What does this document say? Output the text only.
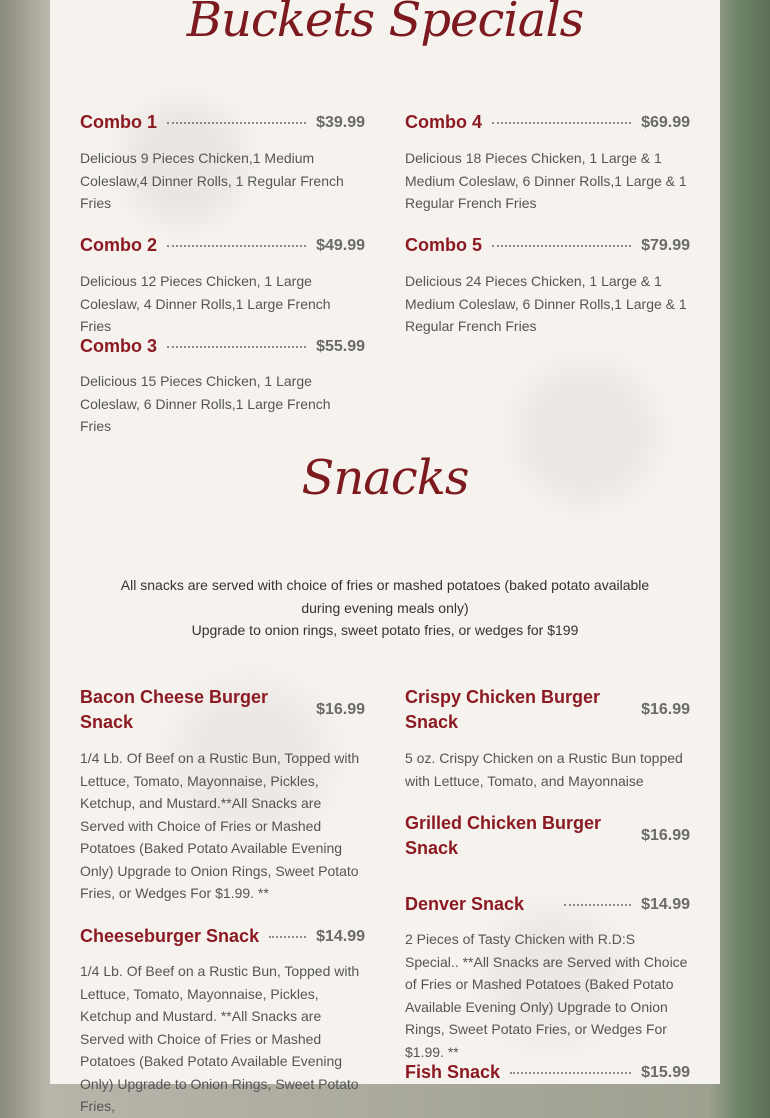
Buckets Specials
Combo 1	$39.99
Delicious 9 Pieces Chicken,1 Medium Coleslaw,4 Dinner Rolls, 1 Regular French Fries
Combo 2	$49.99
Delicious 12 Pieces Chicken, 1 Large Coleslaw, 4 Dinner Rolls,1 Large French Fries
Combo 3	$55.99
Delicious 15 Pieces Chicken, 1 Large Coleslaw, 6 Dinner Rolls,1 Large French Fries
Combo 4	$69.99
Delicious 18 Pieces Chicken, 1 Large & 1 Medium Coleslaw, 6 Dinner Rolls,1 Large & 1 Regular French Fries
Combo 5	$79.99
Delicious 24 Pieces Chicken, 1 Large & 1 Medium Coleslaw, 6 Dinner Rolls,1 Large & 1 Regular French Fries
Snacks
All snacks are served with choice of fries or mashed potatoes (baked potato available during evening meals only)
Upgrade to onion rings, sweet potato fries, or wedges for $199
Bacon Cheese Burger Snack
$16.99
1/4 Lb. Of Beef on a Rustic Bun, Topped with Lettuce, Tomato, Mayonnaise, Pickles, Ketchup, and Mustard.**All Snacks are Served with Choice of Fries or Mashed Potatoes (Baked Potato Available Evening Only) Upgrade to Onion Rings, Sweet Potato Fries, or Wedges For $1.99. **
Cheeseburger Snack	$14.99
1/4 Lb. Of Beef on a Rustic Bun, Topped with Lettuce, Tomato, Mayonnaise, Pickles, Ketchup and Mustard. **All Snacks are Served with Choice of Fries or Mashed Potatoes (Baked Potato Available Evening Only) Upgrade to Onion Rings, Sweet Potato Fries,
Crispy Chicken Burger Snack
$16.99
5 oz. Crispy Chicken on a Rustic Bun topped with Lettuce, Tomato, and Mayonnaise
Grilled Chicken Burger Snack
$16.99
Denver Snack	$14.99
2 Pieces of Tasty Chicken with R.D:S Special.. **All Snacks are Served with Choice of Fries or Mashed Potatoes (Baked Potato Available Evening Only) Upgrade to Onion Rings, Sweet Potato Fries, or Wedges For $1.99. **
Fish Snack	$15.99
